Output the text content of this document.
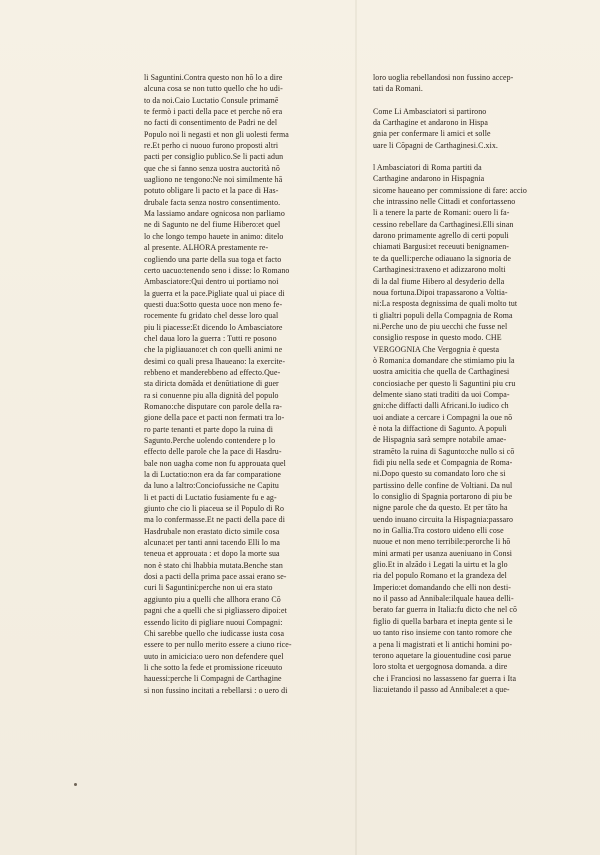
li Saguntini.Contra questo non hō lo a dire
alcuna cosa se non tutto quello che ho udi-
to da noi.Caio Luctatio Consule primamē
te fermò i pacti della pace et perche nō era
no facti di consentimento de Padri ne del
Populo noi li negasti et non gli uolesti ferma
re.Et perho ci nuouo furono proposti altri
pacti per consiglio publico.Se li pacti adun
que che si fanno senza uostra auctorità nō
uagliono ne tengono:Ne noi similmente hā
potuto obligare li pacto et la pace di Has-
drubale facta senza nostro consentimento.
Ma lassiamo andare ognicosa non parliamo
ne di Sagunto ne del fiume Hibero:et quel
lo che longo tempo hauete in animo: ditelo
al presente. ALHORA prestamente re-
cogliendo una parte della sua toga et facto
certo uacuo:tenendo seno i disse: lo Romano
Ambasciatore:Qui dentro ui portiamo noi
la guerra et la pace.Pigliate qual ui piace di
questi dua:Sotto questa uoce non meno fe-
rocemente fu gridato chel desse loro qual
piu li piacesse:Et dicendo lo Ambasciatore
chel daua loro la guerra : Tutti re posono
che la pigliauano:et ch con quelli animi ne
desimi co quali presa lhaueano: la exercite-
rebbeno et manderebbeno ad effecto.Que-
sta diricta domāda et denūtiatione di guer
ra si conuenne piu alla dignità del populo
Romano:che disputare con parole della ra-
gione della pace et pacti non fermati tra lo-
ro parte tenanti et parte dopo la ruina di
Sagunto.Perche uolendo contendere p lo
effecto delle parole che la pace di Hasdru-
bale non uagha come non fu approuata quel
la di Luctatio:non era da far comparatione
da luno a laltro:Conciofussiche ne Capitu
li et pacti di Luctatio fusiamente fu e ag-
giunto che cio li piaceua se il Populo di Ro
ma lo confermasse.Et ne pacti della pace di
Hasdrubale non erastato dicto simile cosa
alcuna:et per tanti anni tacendo Elli lo ma
teneua et approuata : et dopo la morte sua
non è stato chi lhabbia mutata.Benche stan
dosi a pacti della prima pace assai erano se-
curi li Saguntini:perche non ui era stato
aggiunto piu a quelli che allhora erano Cō
pagni che a quelli che si pigliassero dipoi:et
essendo licito di pigliare nuoui Compagni:
Chi sarebbe quello che iudicasse iusta cosa
essere to per nullo merito essere a ciuno rice-
uuto in amicicia:o uero non defendere quel
li che sotto la fede et promissione riceuuto
hauessi:perche li Compagni de Carthagine
si non fussino incitati a rebellarsi : o uero di
loro uoglia rebellandosi non fussino accep-
tati da Romani.
Come Li Ambasciatori si partirono
da Carthagine et andarono in Hispa
gnia per confermare li amici et solle
uare li Cōpagni de Carthaginesi.C.xix.
l Ambasciatori di Roma partiti da
Carthagine andarono in Hispagnia
sicome haueano per commissione di fare: accio
che intrassino nelle Cittadi et confortasseno
li a tenere la parte de Romani: ouero li fa-
cessino rebellare da Carthaginesi.Elli sinan
darono primamente agrello di certi populi
chiamati Bargusi:et receuuti benignamen-
te da quelli:perche odiauano la signoria de
Carthaginesi:traxeno et adizzarono molti
di la dal fiume Hibero al desyderio della
noua fortuna.Dipoi trapassarono a Voltia-
ni:La resposta degnissima de quali molto tut
ti glialtri populi della Compagnia de Roma
ni.Perche uno de piu uecchi che fusse nel
consiglio respose in questo modo. CHE
VERGOGNIA Che Vergognia è questa
ò Romani:a domandare che stimiamo piu la
uostra amicitia che quella de Carthaginesi
conciosiache per questo li Saguntini piu cru
delmente siano stati traditi da uoi Compa-
gni:che diffacti dalli Africani.Io iudico ch
uoi andiate a cercare i Compagni la oue nō
è nota la diffactione di Sagunto. A populi
de Hispagnia sarà sempre notabile amae-
stramēto la ruina di Sagunto:che nullo si cō
fidi piu nella sede et Compagnia de Roma-
ni.Dopo questo su comandato loro che si
partissino delle confine de Voltiani. Da nul
lo consiglio di Spagnia portarono di piu be
nigne parole che da questo. Et per tāto ha
uendo inuano circuita la Hispagnia:passaro
no in Gallia.Tra costoro uideno elli cose
nuoue et non meno terribile:perorche li hō
mini armati per usanza aueniuano in Consi
glio.Et in alzādo i Legati la uirtu et la glo
ria del populo Romano et la grandeza del
Imperio:et domandando che elli non desti-
no il passo ad Annibale:ilquale hauea delli-
berato far guerra in Italia:fu dicto che nel cō
figlio di quella barbara et inepta gente si le
uo tanto riso insieme con tanto romore che
a pena li magistrati et li antichi homini po-
terono aquetare la giouentudine cosi parue
loro stolta et uergognosa domanda. a dire
che i Franciosi no lassasseno far guerra i Ita
lia:uietando il passo ad Annibale:et a que-
